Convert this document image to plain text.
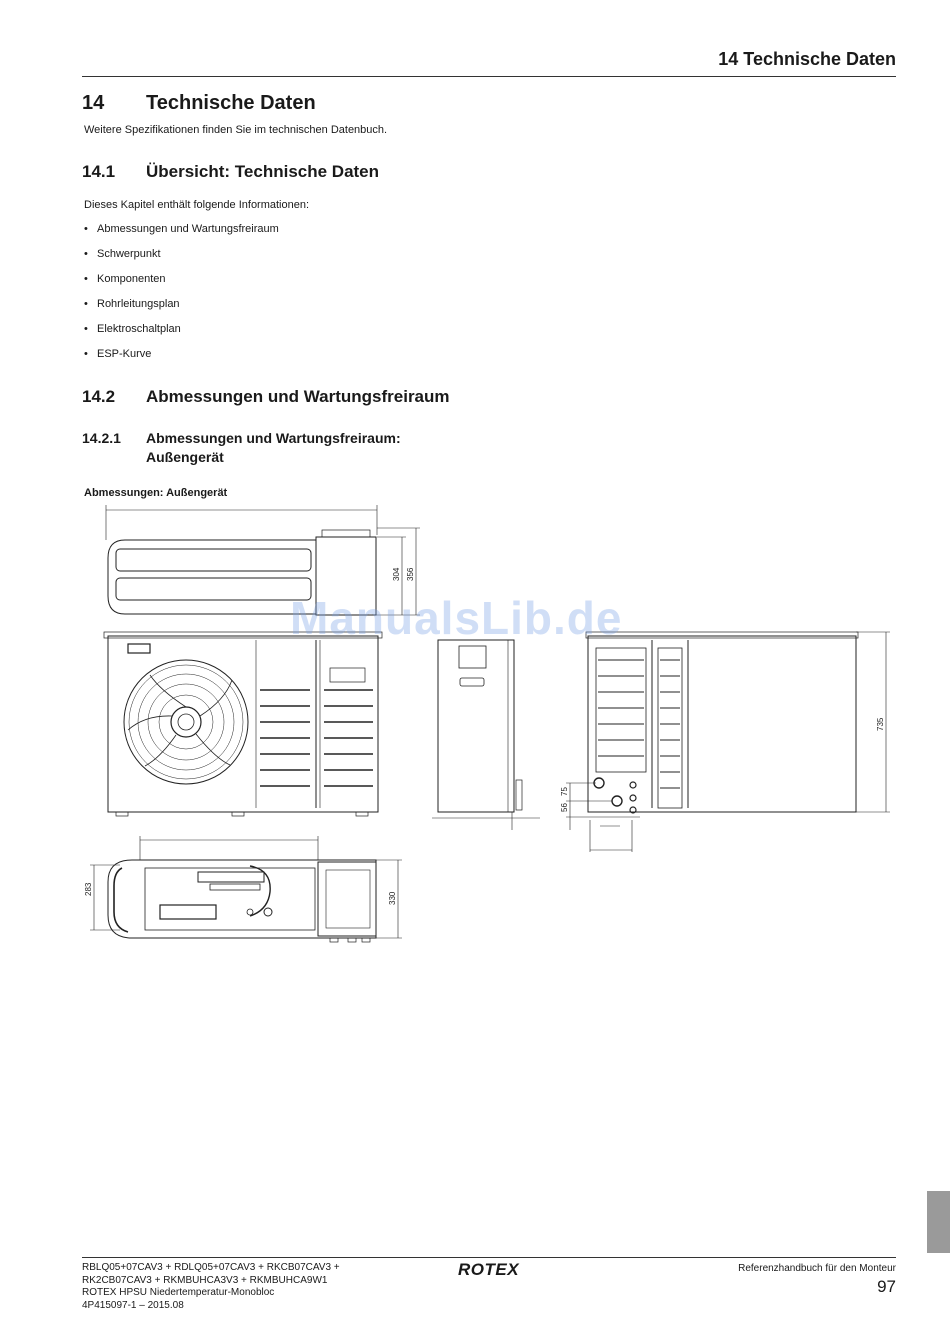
14 Technische Daten
14 Technische Daten
Weitere Spezifikationen finden Sie im technischen Datenbuch.
14.1 Übersicht: Technische Daten
Dieses Kapitel enthält folgende Informationen:
• Abmessungen und Wartungsfreiraum
• Schwerpunkt
• Komponenten
• Rohrleitungsplan
• Elektroschaltplan
• ESP-Kurve
14.2 Abmessungen und Wartungsfreiraum
14.2.1 Abmessungen und Wartungsfreiraum: Außengerät
Abmessungen: Außengerät
304 356
735
56
75
283
330
ManualsLib.de
RBLQ05+07CAV3 + RDLQ05+07CAV3 + RKCB07CAV3 +
RK2CB07CAV3 + RKMBUHCA3V3 + RKMBUHCA9W1
ROTEX HPSU Niedertemperatur-Monobloc
4P415097-1 – 2015.08
ROTEX	Referenzhandbuch für den Monteur
97
